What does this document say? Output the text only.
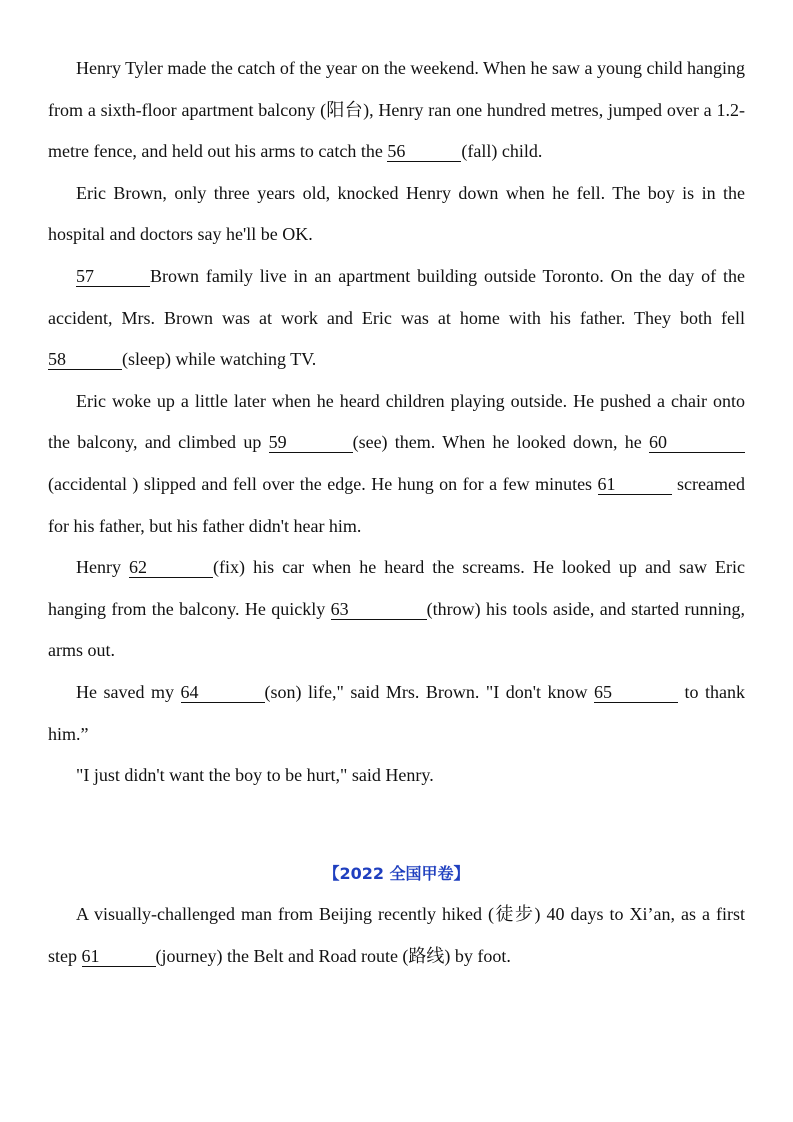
Henry Tyler made the catch of the year on the weekend. When he saw a young child hanging from a sixth-floor apartment balcony (阳台), Henry ran one hundred metres, jumped over a 1.2-metre fence, and held out his arms to catch the 56	(fall) child.

Eric Brown, only three years old, knocked Henry down when he fell. The boy is in the hospital and doctors say he'll be OK.

57	Brown family live in an apartment building outside Toronto. On the day of the accident, Mrs. Brown was at work and Eric was at home with his father. They both fell 58	(sleep) while watching TV.

Eric woke up a little later when he heard children playing outside. He pushed a chair onto the balcony, and climbed up 59	(see) them. When he looked down, he 60(accidental ) slipped and fell over the edge. He hung on for a few minutes 61	screamed for his father, but his father didn't hear him.

Henry 62	(fix) his car when he heard the screams. He looked up and saw Eric hanging from the balcony. He quickly 63	(throw) his tools aside, and started running, arms out.

He saved my 64	(son) life," said Mrs. Brown. "I don't know 65	to thank him.”

"I just didn't want the boy to be hurt," said Henry.

【2022 全国甲卷】

A visually-challenged man from Beijing recently hiked (徒步) 40 days to Xi’an, as a first step 61	(journey) the Belt and Road route (路线) by foot.
